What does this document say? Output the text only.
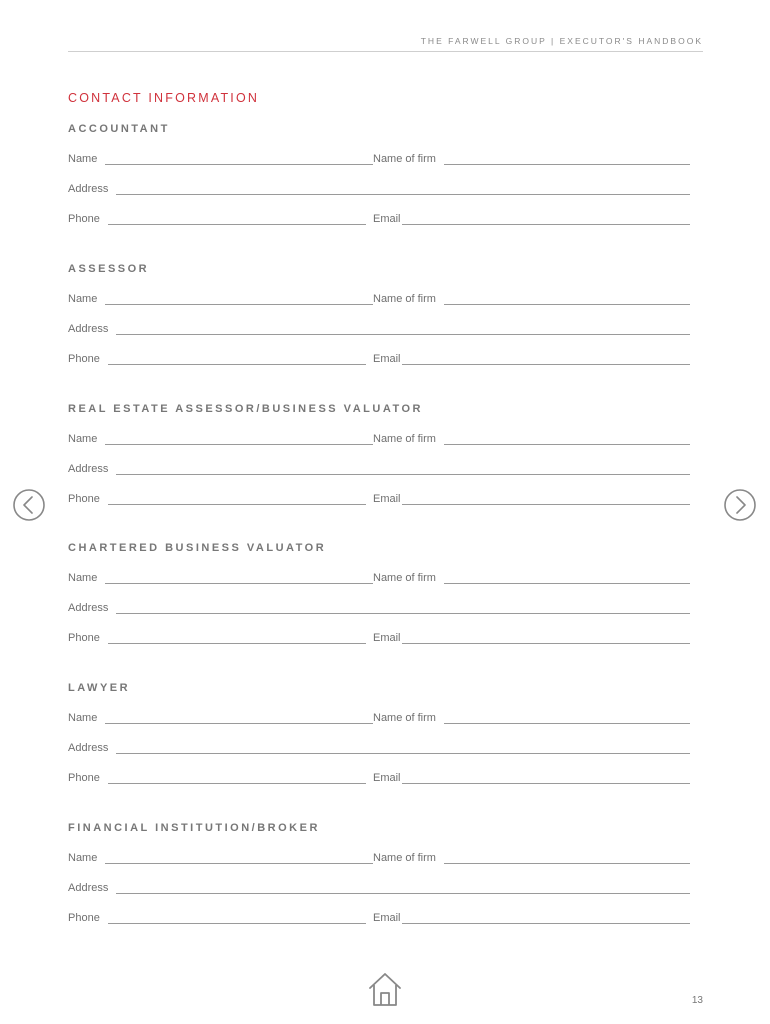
THE FARWELL GROUP | EXECUTOR'S HANDBOOK
CONTACT INFORMATION
ACCOUNTANT
Name	Name of firm
Address
Phone	Email
ASSESSOR
Name	Name of firm
Address
Phone	Email
REAL ESTATE ASSESSOR/BUSINESS VALUATOR
Name	Name of firm
Address
Phone	Email
CHARTERED BUSINESS VALUATOR
Name	Name of firm
Address
Phone	Email
LAWYER
Name	Name of firm
Address
Phone	Email
FINANCIAL INSTITUTION/BROKER
Name	Name of firm
Address
Phone	Email
13
